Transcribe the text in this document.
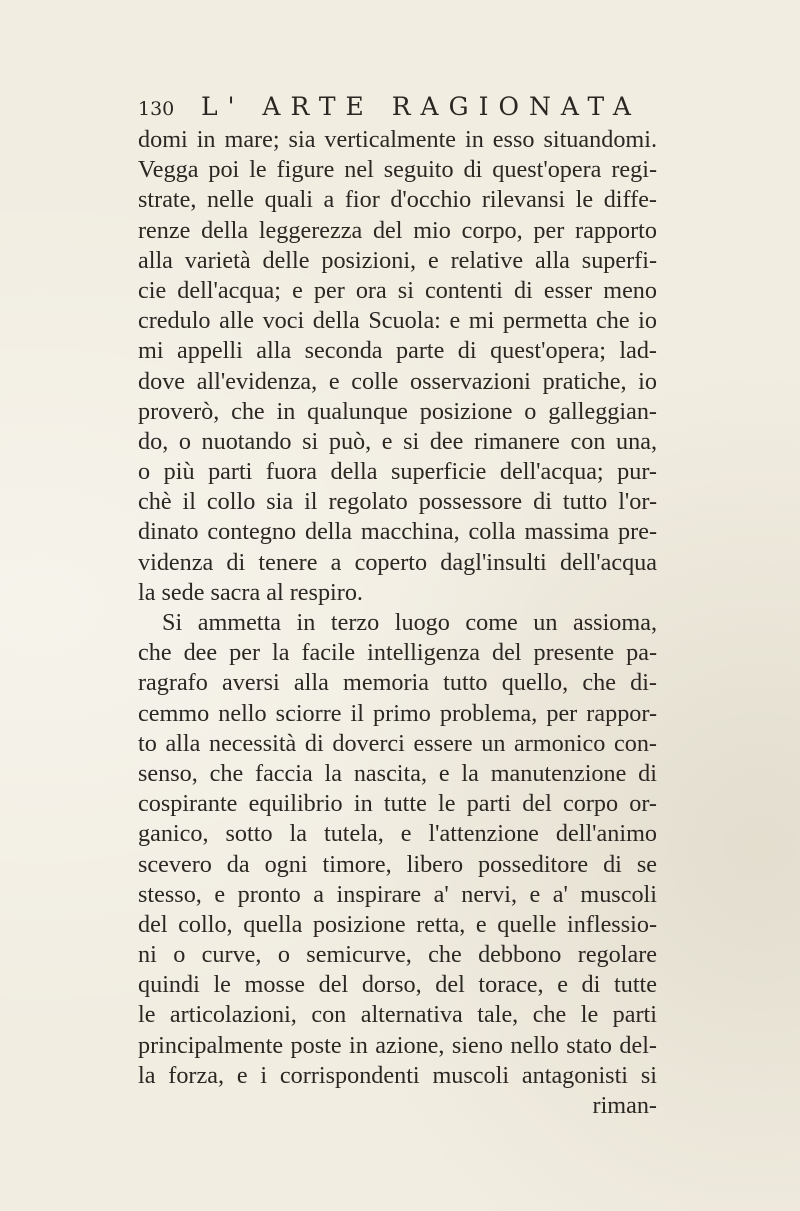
130 L' ARTE RAGIONATA
domi in mare; sia verticalmente in esso situandomi.
Vegga poi le figure nel seguito di quest'opera regi-
strate, nelle quali a fior d'occhio rilevansi le diffe-
renze della leggerezza del mio corpo, per rapporto
alla varietà delle posizioni, e relative alla superfi-
cie dell'acqua; e per ora si contenti di esser meno
credulo alle voci della Scuola: e mi permetta che io
mi appelli alla seconda parte di quest'opera; lad-
dove all'evidenza, e colle osservazioni pratiche, io
proverò, che in qualunque posizione o galleggian-
do, o nuotando si può, e si dee rimanere con una,
o più parti fuora della superficie dell'acqua; pur-
chè il collo sia il regolato possessore di tutto l'or-
dinato contegno della macchina, colla massima pre-
videnza di tenere a coperto dagl'insulti dell'acqua
la sede sacra al respiro.
Si ammetta in terzo luogo come un assioma,
che dee per la facile intelligenza del presente pa-
ragrafo aversi alla memoria tutto quello, che di-
cemmo nello sciorre il primo problema, per rappor-
to alla necessità di doverci essere un armonico con-
senso, che faccia la nascita, e la manutenzione di
cospirante equilibrio in tutte le parti del corpo or-
ganico, sotto la tutela, e l'attenzione dell'animo
scevero da ogni timore, libero posseditore di se
stesso, e pronto a inspirare a' nervi, e a' muscoli
del collo, quella posizione retta, e quelle inflessio-
ni o curve, o semicurve, che debbono regolare
quindi le mosse del dorso, del torace, e di tutte
le articolazioni, con alternativa tale, che le parti
principalmente poste in azione, sieno nello stato del-
la forza, e i corrispondenti muscoli antagonisti si
riman-
